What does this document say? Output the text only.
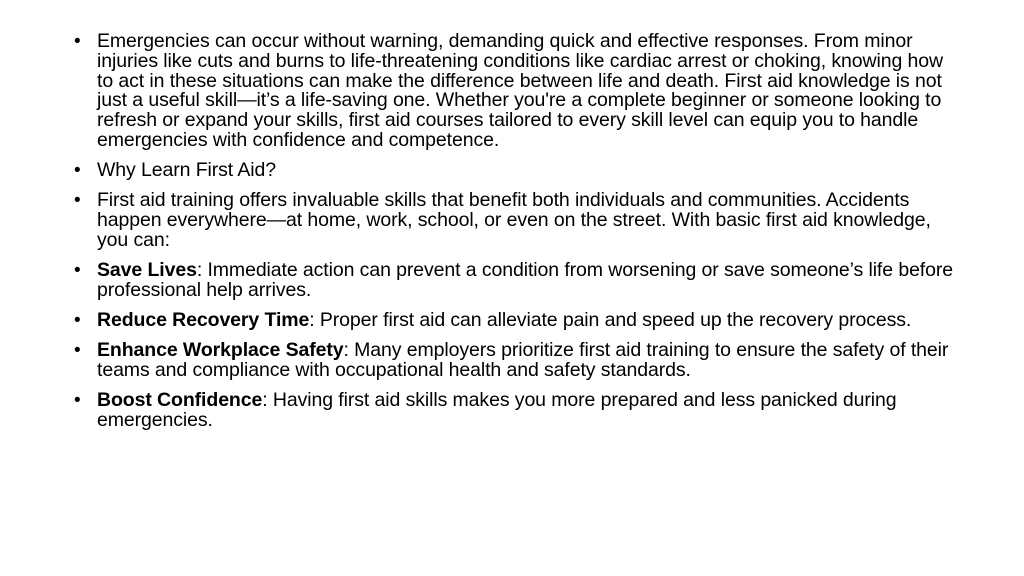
• Emergencies can occur without warning, demanding quick and effective responses. From minor injuries like cuts and burns to life-threatening conditions like cardiac arrest or choking, knowing how to act in these situations can make the difference between life and death. First aid knowledge is not just a useful skill—it’s a life-saving one. Whether you're a complete beginner or someone looking to refresh or expand your skills, first aid courses tailored to every skill level can equip you to handle emergencies with confidence and competence.
• Why Learn First Aid?
• First aid training offers invaluable skills that benefit both individuals and communities. Accidents happen everywhere—at home, work, school, or even on the street. With basic first aid knowledge, you can:
• Save Lives: Immediate action can prevent a condition from worsening or save someone’s life before professional help arrives.
• Reduce Recovery Time: Proper first aid can alleviate pain and speed up the recovery process.
• Enhance Workplace Safety: Many employers prioritize first aid training to ensure the safety of their teams and compliance with occupational health and safety standards.
• Boost Confidence: Having first aid skills makes you more prepared and less panicked during emergencies.
